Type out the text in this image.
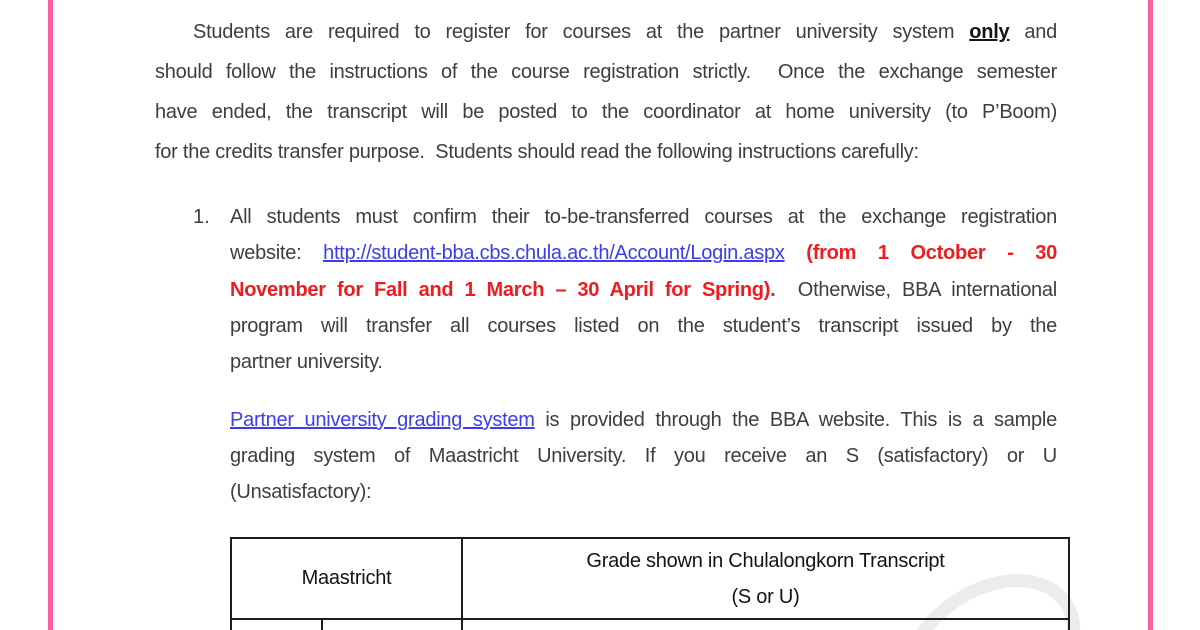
Students are required to register for courses at the partner university system only and
should follow the instructions of the course registration strictly.  Once the exchange semester
have ended, the transcript will be posted to the coordinator at home university (to P’Boom)
for the credits transfer purpose.  Students should read the following instructions carefully:
1. All students must confirm their to-be-transferred courses at the exchange registration
website: http://student-bba.cbs.chula.ac.th/Account/Login.aspx (from 1 October - 30
November for Fall and 1 March – 30 April for Spring).  Otherwise, BBA international
program will transfer all courses listed on the student’s transcript issued by the
partner university.
Partner university grading system is provided through the BBA website. This is a sample
grading system of Maastricht University. If you receive an S (satisfactory) or U
(Unsatisfactory):
Maastricht		Grade shown in Chulalongkorn Transcript
(S or U)
